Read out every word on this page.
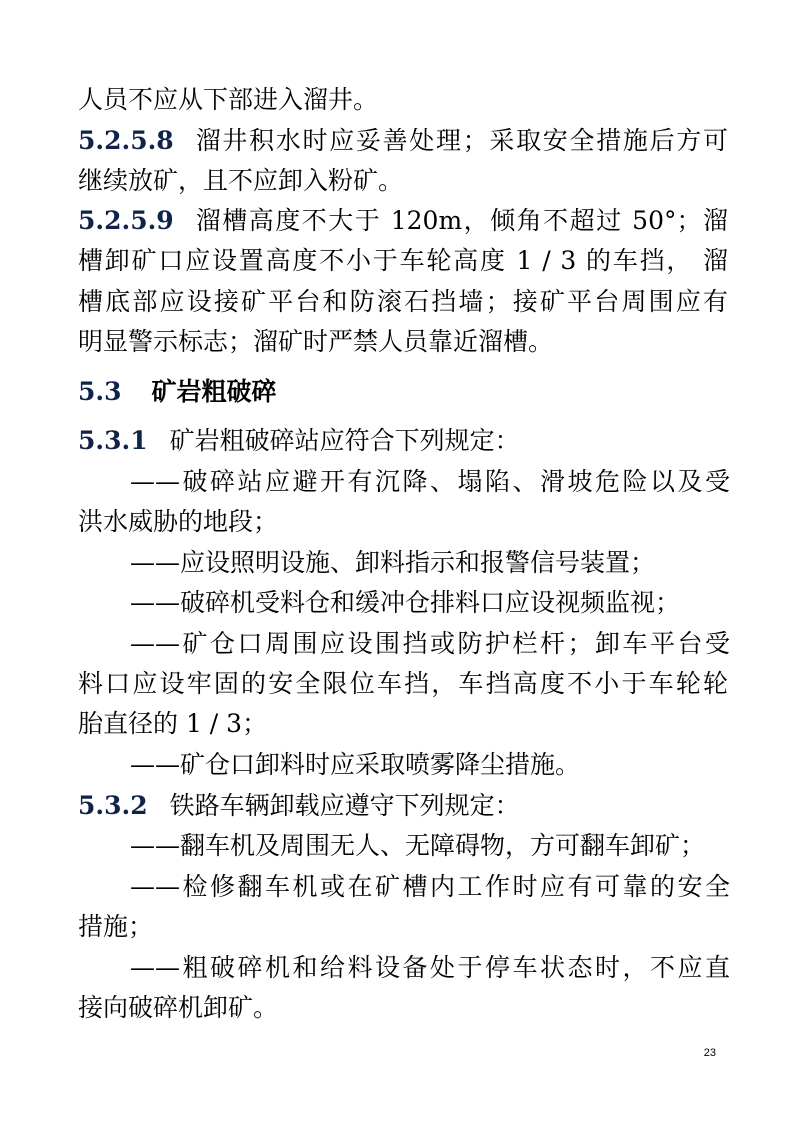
人员不应从下部进入溜井。
5.2.5.8 溜井积水时应妥善处理；采取安全措施后方可
继续放矿，且不应卸入粉矿。
5.2.5.9 溜槽高度不大于 120m，倾角不超过 50°；溜
槽卸矿口应设置高度不小于车轮高度 1 / 3 的车挡， 溜
槽底部应设接矿平台和防滚石挡墙；接矿平台周围应有
明显警示标志；溜矿时严禁人员靠近溜槽。
5.3 矿岩粗破碎
5.3.1 矿岩粗破碎站应符合下列规定：
——破碎站应避开有沉降、塌陷、滑坡危险以及受
洪水威胁的地段；
——应设照明设施、卸料指示和报警信号装置；
——破碎机受料仓和缓冲仓排料口应设视频监视；
——矿仓口周围应设围挡或防护栏杆；卸车平台受
料口应设牢固的安全限位车挡，车挡高度不小于车轮轮
胎直径的 1 / 3；
——矿仓口卸料时应采取喷雾降尘措施。
5.3.2 铁路车辆卸载应遵守下列规定：
——翻车机及周围无人、无障碍物，方可翻车卸矿；
——检修翻车机或在矿槽内工作时应有可靠的安全
措施；
——粗破碎机和给料设备处于停车状态时，不应直
接向破碎机卸矿。
23
